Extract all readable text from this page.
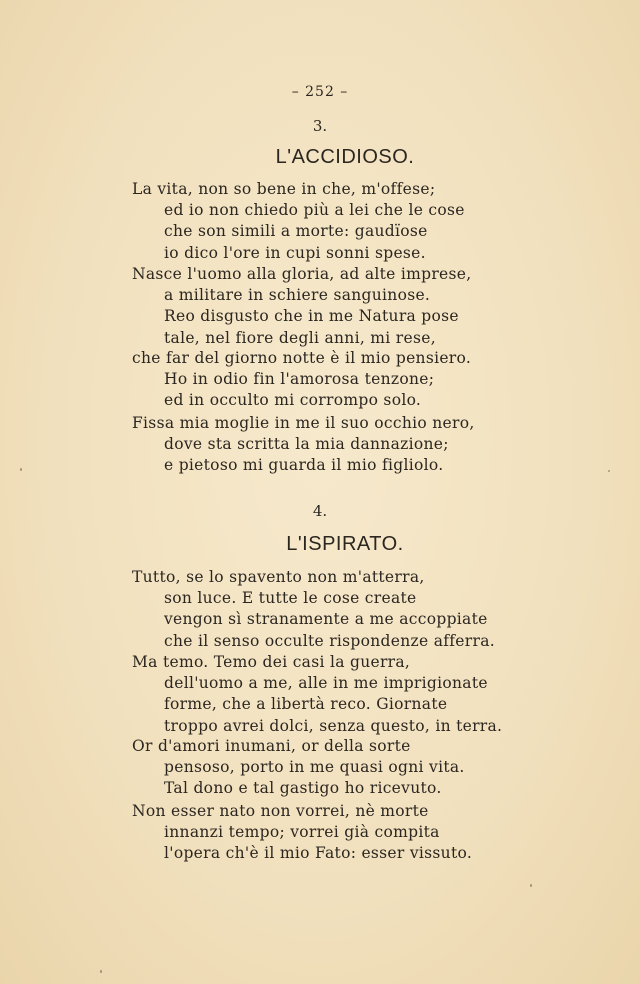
– 252 –
3.
L'ACCIDIOSO.
La vita, non so bene in che, m'offese;
ed io non chiedo più a lei che le cose
che son simili a morte: gaudïose
io dico l'ore in cupi sonni spese.
Nasce l'uomo alla gloria, ad alte imprese,
a militare in schiere sanguinose.
Reo disgusto che in me Natura pose
tale, nel fiore degli anni, mi rese,
che far del giorno notte è il mio pensiero.
Ho in odio fin l'amorosa tenzone;
ed in occulto mi corrompo solo.
Fissa mia moglie in me il suo occhio nero,
dove sta scritta la mia dannazione;
e pietoso mi guarda il mio figliolo.
4.
L'ISPIRATO.
Tutto, se lo spavento non m'atterra,
son luce. E tutte le cose create
vengon sì stranamente a me accoppiate
che il senso occulte rispondenze afferra.
Ma temo. Temo dei casi la guerra,
dell'uomo a me, alle in me imprigionate
forme, che a libertà reco. Giornate
troppo avrei dolci, senza questo, in terra.
Or d'amori inumani, or della sorte
pensoso, porto in me quasi ogni vita.
Tal dono e tal gastigo ho ricevuto.
Non esser nato non vorrei, nè morte
innanzi tempo; vorrei già compita
l'opera ch'è il mio Fato: esser vissuto.
